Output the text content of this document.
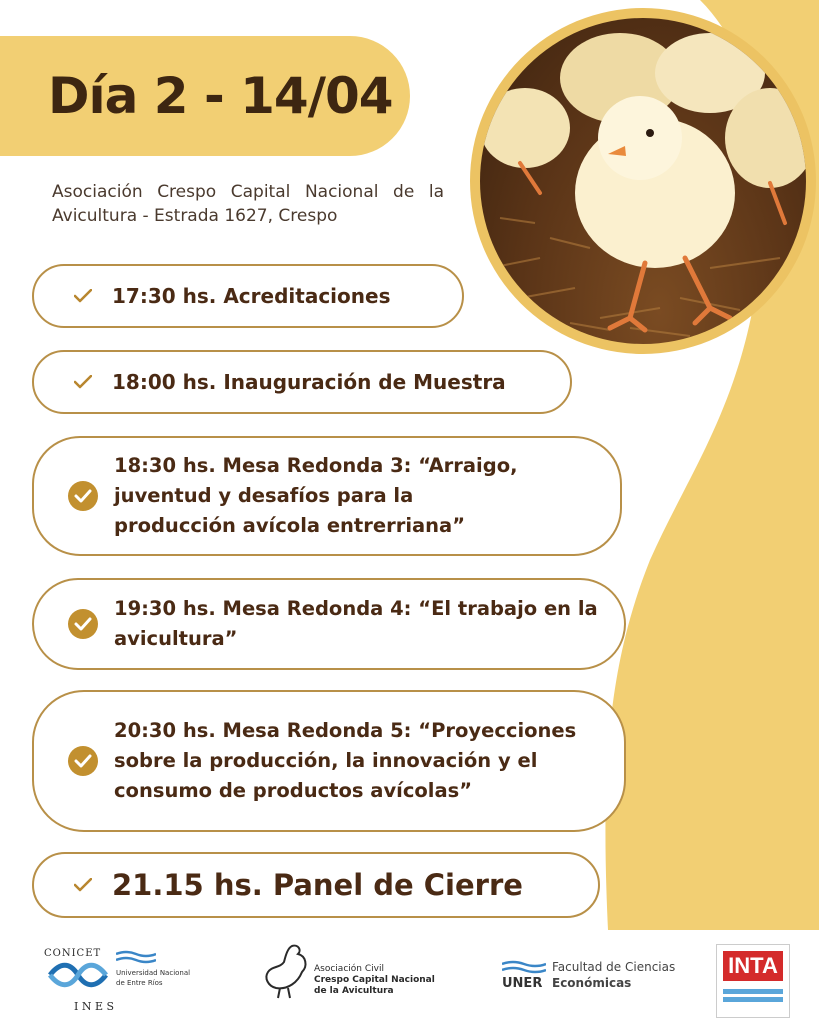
Día 2 - 14/04
Asociación Crespo Capital Nacional de la Avicultura - Estrada 1627, Crespo
17:30 hs. Acreditaciones
18:00 hs. Inauguración de Muestra
18:30 hs. Mesa Redonda 3: “Arraigo, juventud y desafíos para la producción avícola entrerriana”
19:30 hs. Mesa Redonda 4: “El trabajo en la avicultura”
20:30 hs. Mesa Redonda 5: “Proyecciones sobre la producción, la innovación y el consumo de productos avícolas”
21.15 hs. Panel de Cierre
CONICET
Universidad Nacional
de Entre Ríos
I N E S
Asociación Civil
Crespo Capital Nacional
de la Avicultura	UNER
Facultad de Ciencias
Económicas
INTA
